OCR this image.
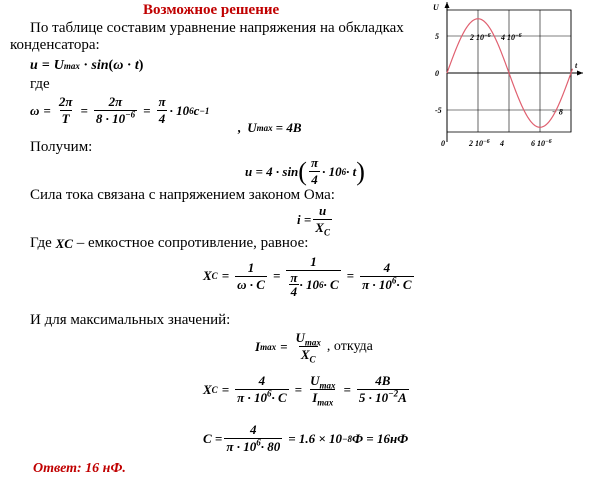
Возможное решение
По таблице составим уравнение напряжения на обкладках
конденсатора:
u = U max · sin ( ω · t )
где
$\omega = \frac{2\pi}{T} = \frac{2\pi}{8 \cdot 10^{-6}} = \frac{\pi}{4} \cdot 10$ 6 с −1
, U max = 4В
Получим:
u = 4 · sin ( $\frac{\pi}{4} \cdot 10$ 6 · t )
Сила тока связана с напряжением законом Ома:
$i = \frac{u}{X_C}$
Где
X C
– емкостное сопротивление, равное:
X $C = \frac{1}{\omega \cdot C} = \frac{1}{\frac{\pi}{4} \cdot 10 6 \cdot C} = \frac{4}{\pi \cdot 10^6\cdot C}$
И для максимальных значений:
I $\max = \frac{U_{max}}{X_C}$ , откуда
X $C = \frac{4}{\pi \cdot 10^6\cdot C} = \frac{U_{max}}{I_{max}} = \frac{4В}{5 \cdot 10^{-2}А}$
$C = \frac{4}{\pi \cdot 10^6\cdot 80} = 1.6 \times 10 -8$ Ф = 16нФ
Ответ: 16 нФ.
U
t
5
0
-5
0	2 $10^{-6}$ 4	6 $10^{-6}$
2 $10^{-6}$ 4 $10^{-6}$
− 8
